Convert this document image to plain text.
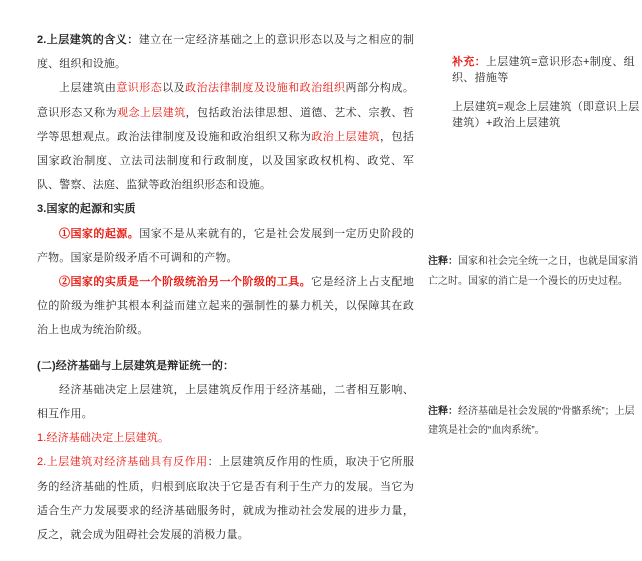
2.上层建筑的含义：建立在一定经济基础之上的意识形态以及与之相应的制度、组织和设施。

上层建筑由意识形态以及政治法律制度及设施和政治组织两部分构成。意识形态又称为观念上层建筑，包括政治法律思想、道德、艺术、宗教、哲学等思想观点。政治法律制度及设施和政治组织又称为政治上层建筑，包括国家政治制度、立法司法制度和行政制度，以及国家政权机构、政党、军队、警察、法庭、监狱等政治组织形态和设施。

3.国家的起源和实质

①国家的起源。国家不是从来就有的，它是社会发展到一定历史阶段的产物。国家是阶级矛盾不可调和的产物。

②国家的实质是一个阶级统治另一个阶级的工具。它是经济上占支配地位的阶级为维护其根本利益而建立起来的强制性的暴力机关，以保障其在政治上也成为统治阶级。

(二)经济基础与上层建筑是辩证统一的：

经济基础决定上层建筑，上层建筑反作用于经济基础，二者相互影响、相互作用。

1.经济基础决定上层建筑。

2.上层建筑对经济基础具有反作用：上层建筑反作用的性质，取决于它所服务的经济基础的性质，归根到底取决于它是否有利于生产力的发展。当它为适合生产力发展要求的经济基础服务时，就成为推动社会发展的进步力量，反之，就会成为阻碍社会发展的消极力量。

补充：上层建筑=意识形态+制度、组织、措施等

上层建筑=观念上层建筑（即意识上层建筑）+政治上层建筑

注释：国家和社会完全统一之日，也就是国家消亡之时。国家的消亡是一个漫长的历史过程。

注释：经济基础是社会发展的“骨骼系统”；上层建筑是社会的“血肉系统”。
